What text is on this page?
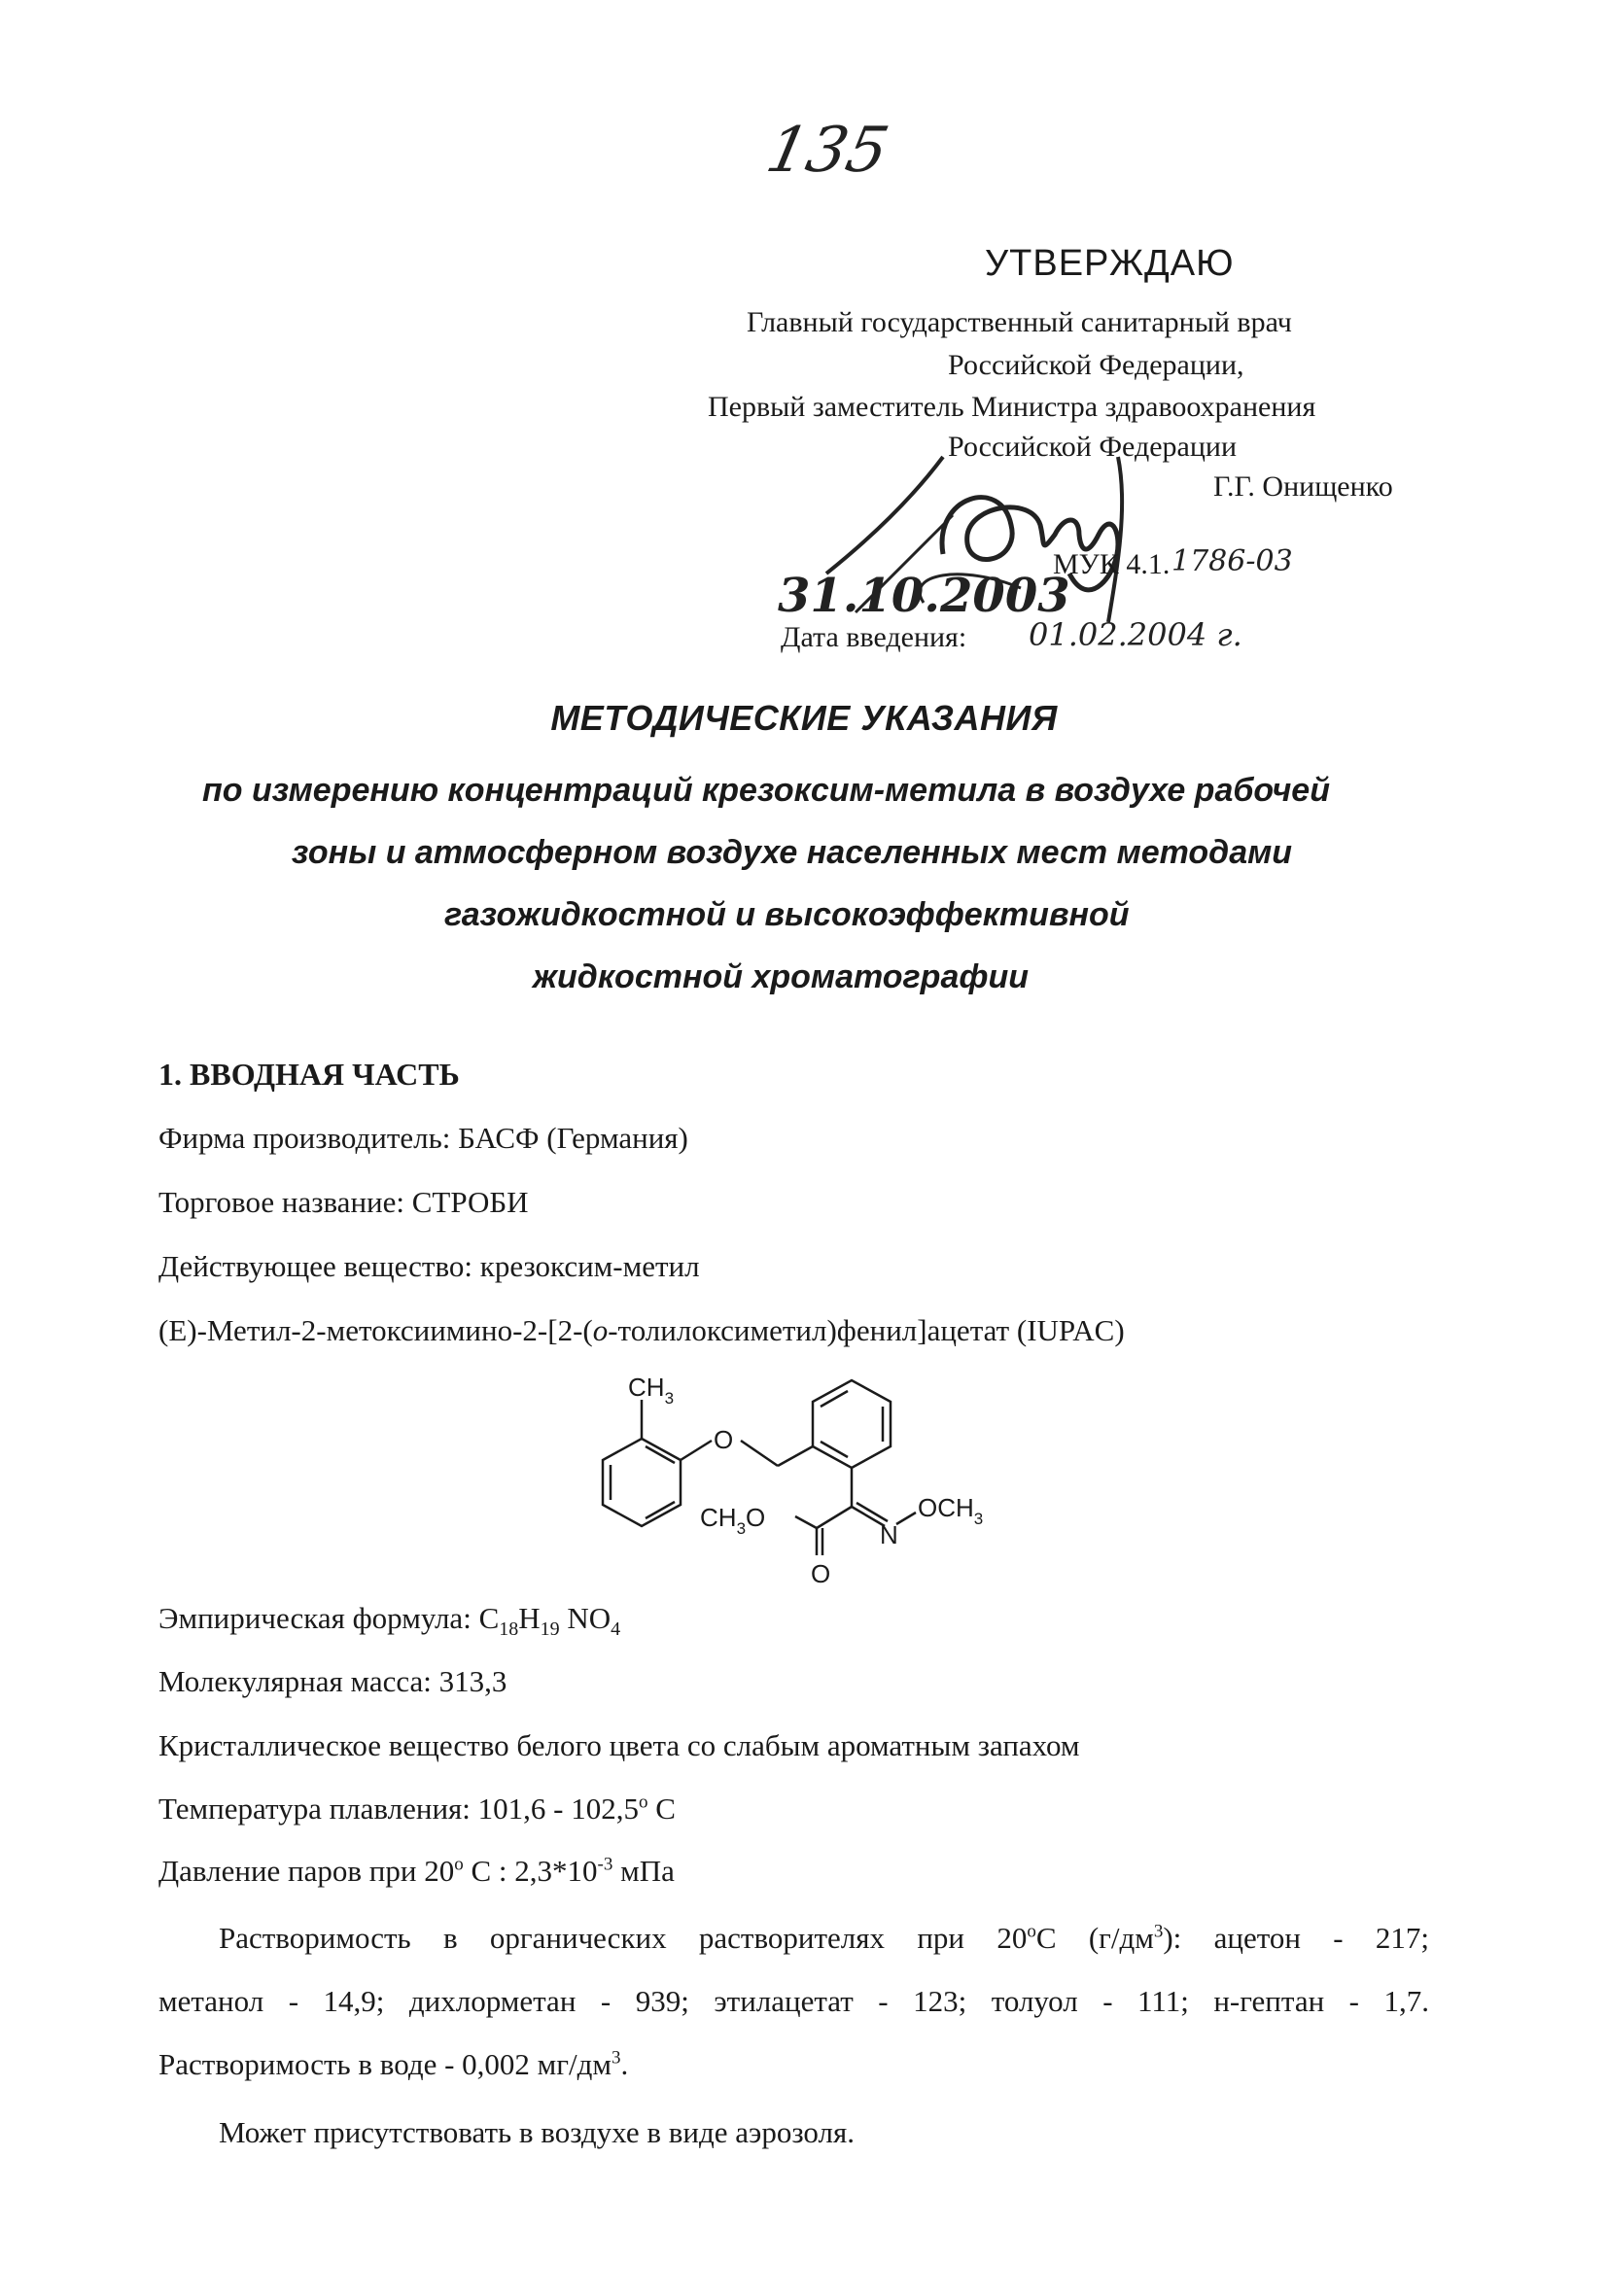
135
УТВЕРЖДАЮ
Главный государственный санитарный врач
Российской Федерации,
Первый заместитель Министра здравоохранения
Российской Федерации
Г.Г. Онищенко
МУК 4.1. 1786-03
31.10.2003
Дата введения: 01.02.2004 г.
МЕТОДИЧЕСКИЕ УКАЗАНИЯ
по измерению концентраций крезоксим-метила в воздухе рабочей
зоны и атмосферном воздухе населенных мест методами
газожидкостной и высокоэффективной
жидкостной хроматографии
1. ВВОДНАЯ ЧАСТЬ
Фирма производитель: БАСФ (Германия)
Торговое название: СТРОБИ
Действующее вещество: крезоксим-метил
(E)-Метил-2-метоксиимино-2-[2-(o-толилоксиметил)фенил]ацетат (IUPAC)
$CH_3$
O
$CH_3O$
N
$OCH_3$
O
Эмпирическая формула: $C_{18}H_{19}$ $NO_4$
Молекулярная масса: 313,3
Кристаллическое вещество белого цвета со слабым ароматным запахом
Температура плавления: 101,6 - 102,5$^o$ C
Давление паров при 20$^o$ C : $2,3*10^{-3}$ мПа
Растворимость в органических растворителях при 20$^o$C $(г/дм^3)$: ацетон - 217;
метанол - 14,9; дихлорметан - 939; этилацетат - 123; толуол - 111; н-гептан - 1,7.
Растворимость в воде - 0,002 $мг/дм^3$.
Может присутствовать в воздухе в виде аэрозоля.
